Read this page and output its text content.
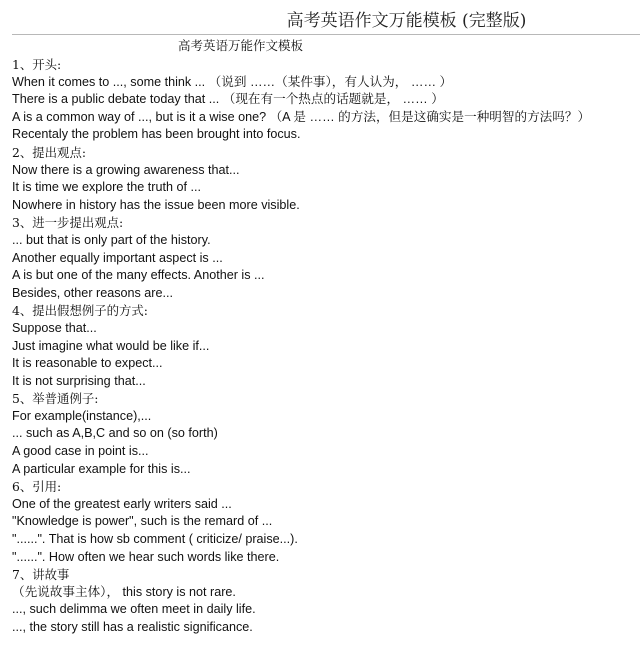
高考英语作文万能模板 (完整版)
高考英语万能作文模板
1、开头:
When it comes to ..., some think ... （说到 ……（某件事），有人认为， …… ）
There is a public debate today that ... （现在有一个热点的话题就是， …… ）
A is a common way of ..., but is it a wise one? （A 是 …… 的方法，但是这确实是一种明智的方法吗？）
Recentaly the problem has been brought into focus.
2、提出观点:
Now there is a growing awareness that...
It is time we explore the truth of ...
Nowhere in history has the issue been more visible.
3、进一步提出观点:
... but that is only part of the history.
Another equally important aspect is ...
A is but one of the many effects. Another is ...
Besides, other reasons are...
4、提出假想例子的方式:
Suppose that...
Just imagine what would be like if...
It is reasonable to expect...
It is not surprising that...
5、举普通例子:
For example(instance),...
... such as A,B,C and so on (so forth)
A good case in point is...
A particular example for this is...
6、引用:
One of the greatest early writers said ...
"Knowledge is power", such is the remard of ...
"......". That is how sb comment ( criticize/ praise...).
"......". How often we hear such words like there.
7、讲故事
（先说故事主体）， this story is not rare.
..., such delimma we often meet in daily life.
..., the story still has a realistic significance.
